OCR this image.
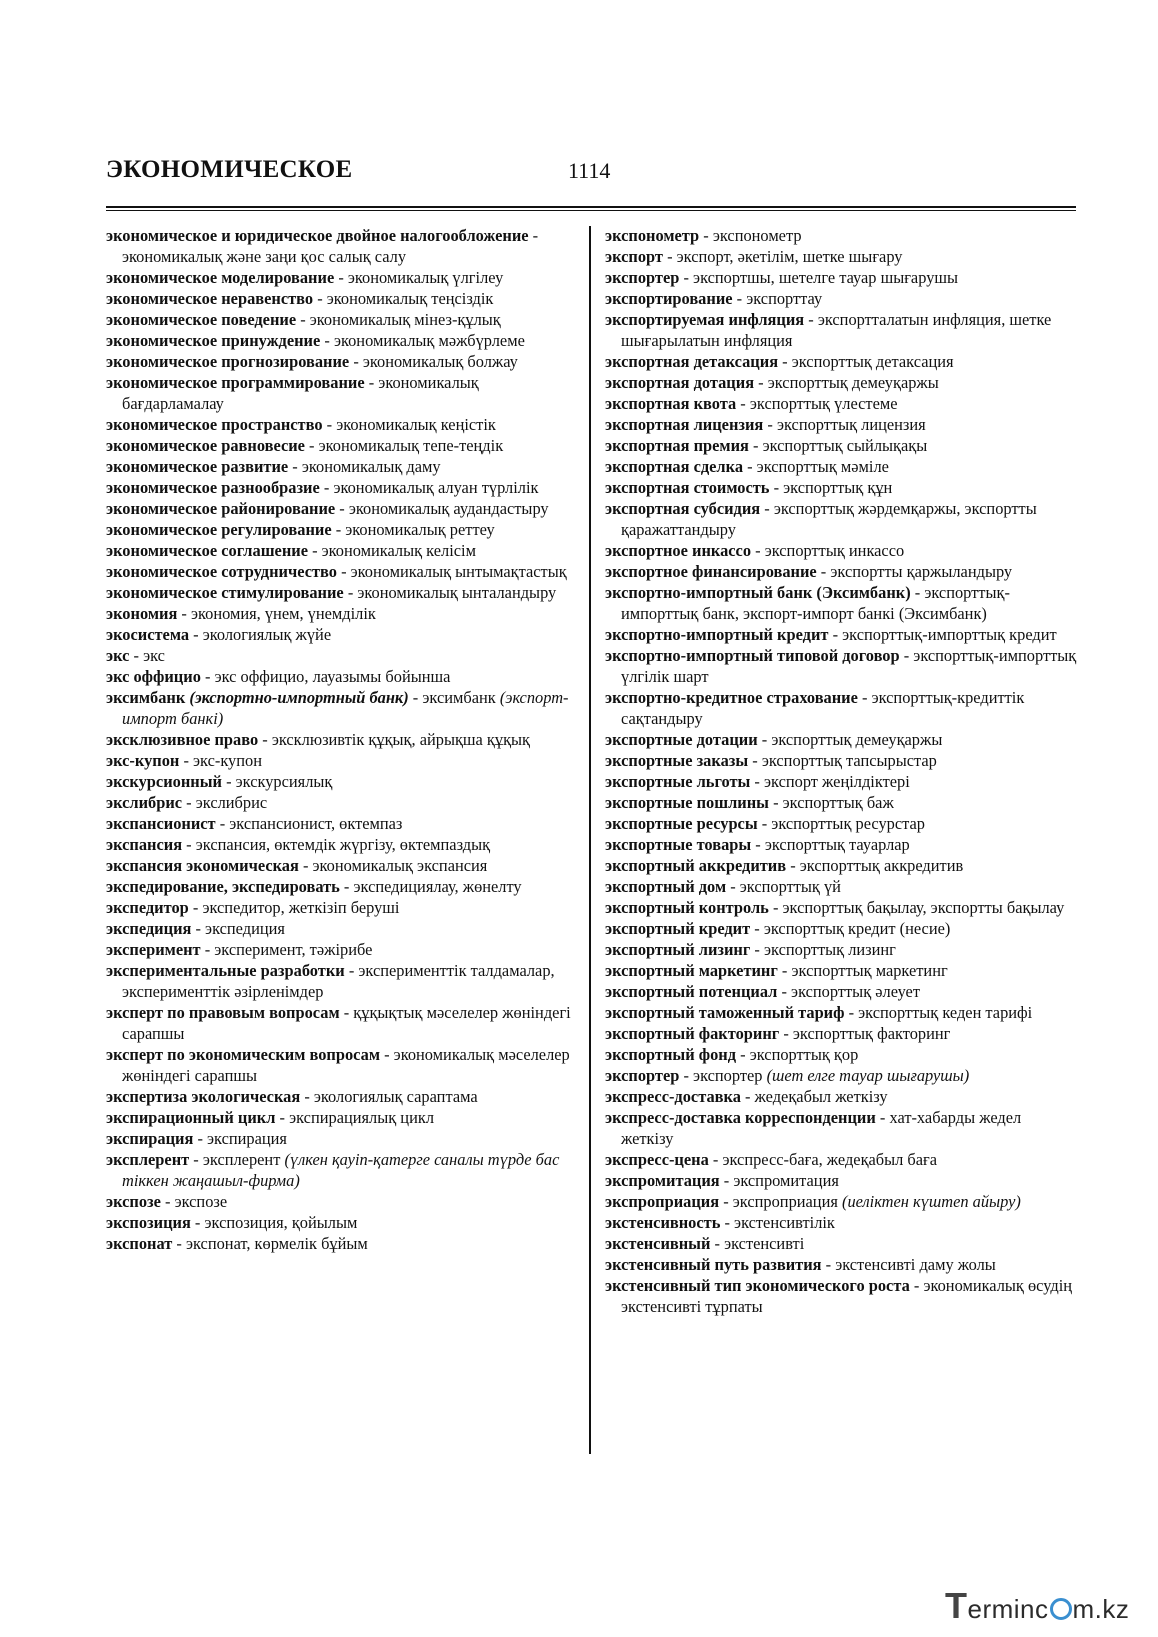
ЭКОНОМИЧЕСКОЕ	1114

экономическое и юридическое двойное налогообложение - экономикалық және заңи қос салық салу

экономическое моделирование - экономикалық үлгілеу

экономическое неравенство - экономикалық теңсіздік

экономическое поведение - экономикалық мінез-құлық

экономическое принуждение - экономикалық мәжбүрлеме

экономическое прогнозирование - экономикалық болжау

экономическое программирование - экономикалық бағдарламалау

экономическое пространство - экономикалық кеңістік

экономическое равновесие - экономикалық тепе-теңдік

экономическое развитие - экономикалық даму

экономическое разнообразие - экономикалық алуан түрлілік

экономическое районирование - экономикалық аудандастыру

экономическое регулирование - экономикалық реттеу

экономическое соглашение - экономикалық келісім

экономическое сотрудничество - экономикалық ынтымақтастық

экономическое стимулирование - экономикалық ынталандыру

экономия - экономия, үнем, үнемділік

экосистема - экологиялық жүйе

экс - экс

экс оффицио - экс оффицио, лауазымы бойынша

эксимбанк (экспортно-импортный банк) - эксимбанк (экспорт-импорт банкі)

эксклюзивное право - эксклюзивтік құқық, айрықша құқық

экс-купон - экс-купон

экскурсионный - экскурсиялық

экслибрис - экслибрис

экспансионист - экспансионист, өктемпаз

экспансия - экспансия, өктемдік жүргізу, өктемпаздық

экспансия экономическая - экономикалық экспансия

экспедирование, экспедировать - экспедициялау, жөнелту

экспедитор - экспедитор, жеткізіп беруші

экспедиция - экспедиция

эксперимент - эксперимент, тәжірибе

экспериментальные разработки - эксперименттік талдамалар, эксперименттік әзірленімдер

эксперт по правовым вопросам - құқықтық мәселелер жөніндегі сарапшы

эксперт по экономическим вопросам - экономикалық мәселелер жөніндегі сарапшы

экспертиза экологическая - экологиялық сараптама

экспирационный цикл - экспирациялық цикл

экспирация - экспирация

эксплерент - эксплерент (үлкен қауіп-қатерге саналы түрде бас тіккен жаңашыл-фирма)

экспозе - экспозе

экспозиция - экспозиция, қойылым

экспонат - экспонат, көрмелік бұйым

экспонометр - экспонометр

экспорт - экспорт, әкетілім, шетке шығару

экспортер - экспортшы, шетелге тауар шығарушы

экспортирование - экспорттау

экспортируемая инфляция - экспортталатын инфляция, шетке шығарылатын инфляция

экспортная детаксация - экспорттық детаксация

экспортная дотация - экспорттық демеуқаржы

экспортная квота - экспорттық үлестеме

экспортная лицензия - экспорттық лицензия

экспортная премия - экспорттық сыйлықақы

экспортная сделка - экспорттық мәміле

экспортная стоимость - экспорттық құн

экспортная субсидия - экспорттық жәрдемқаржы, экспортты қаражаттандыру

экспортное инкассо - экспорттық инкассо

экспортное финансирование - экспортты қаржыландыру

экспортно-импортный банк (Эксимбанк) - экспорттық-импорттық банк, экспорт-импорт банкі (Эксимбанк)

экспортно-импортный кредит - экспорттық-импорттық кредит

экспортно-импортный типовой договор - экспорттық-импорттық үлгілік шарт

экспортно-кредитное страхование - экспорттық-кредиттік сақтандыру

экспортные дотации - экспорттық демеуқаржы

экспортные заказы - экспорттық тапсырыстар

экспортные льготы - экспорт жеңілдіктері

экспортные пошлины - экспорттық баж

экспортные ресурсы - экспорттық ресурстар

экспортные товары - экспорттық тауарлар

экспортный аккредитив - экспорттық аккредитив

экспортный дом - экспорттық үй

экспортный контроль - экспорттық бақылау, экспортты бақылау

экспортный кредит - экспорттық кредит (несие)

экспортный лизинг - экспорттық лизинг

экспортный маркетинг - экспорттық маркетинг

экспортный потенциал - экспорттық әлеует

экспортный таможенный тариф - экспорттық кеден тарифі

экспортный факторинг - экспорттық факторинг

экспортный фонд - экспорттық қор

экспортер - экспортер (шет елге тауар шығарушы)

экспресс-доставка - жедеқабыл жеткізу

экспресс-доставка корреспонденции - хат-хабарды жедел жеткізу

экспресс-цена - экспресс-баға, жедеқабыл баға

экспромитация - экспромитация

экспроприация - экспроприация (иеліктен күштеп айыру)

экстенсивность - экстенсивтілік

экстенсивный - экстенсивті

экстенсивный путь развития - экстенсивті даму жолы

экстенсивный тип экономического роста - экономикалық өсудің экстенсивті тұрпаты

Terminc m.kz
